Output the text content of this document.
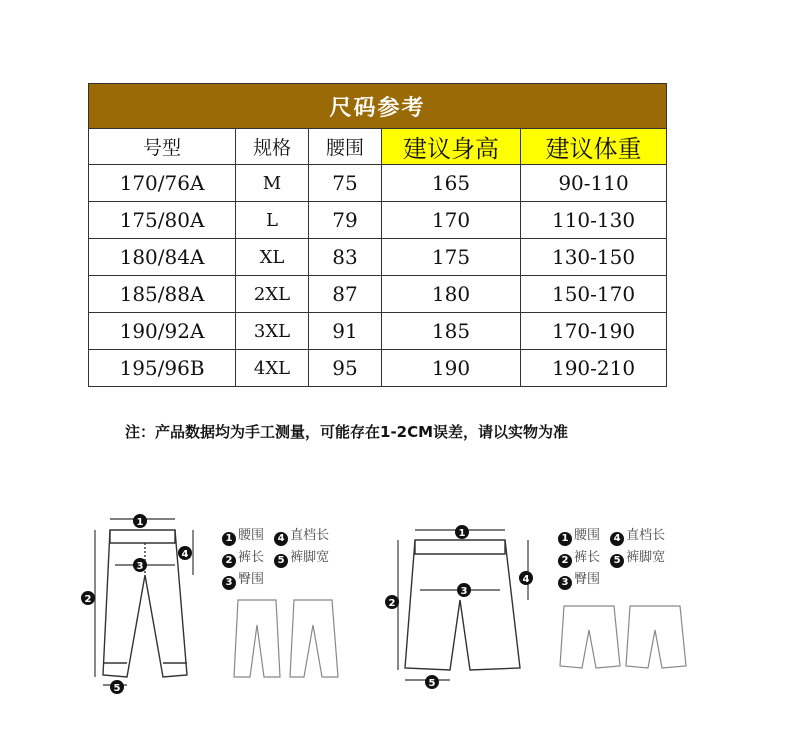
尺码参考				
号型	规格	腰围	建议身高	建议体重
170/76A	M	75	165	90-110
175/80A	L	79	170	110-130
180/84A	XL	83	175	130-150
185/88A	2XL	87	180	150-170
190/92A	3XL	91	185	170-190
195/96B	4XL	95	190	190-210
注：产品数据均为手工测量，可能存在1-2CM误差，请以实物为准
1
2
3
4
5
1 腰围 4 直档长
2 裤长 5 裤脚宽
3 臀围
1
2
3
4
5
1 腰围 4 直档长
2 裤长 5 裤脚宽
3 臀围
